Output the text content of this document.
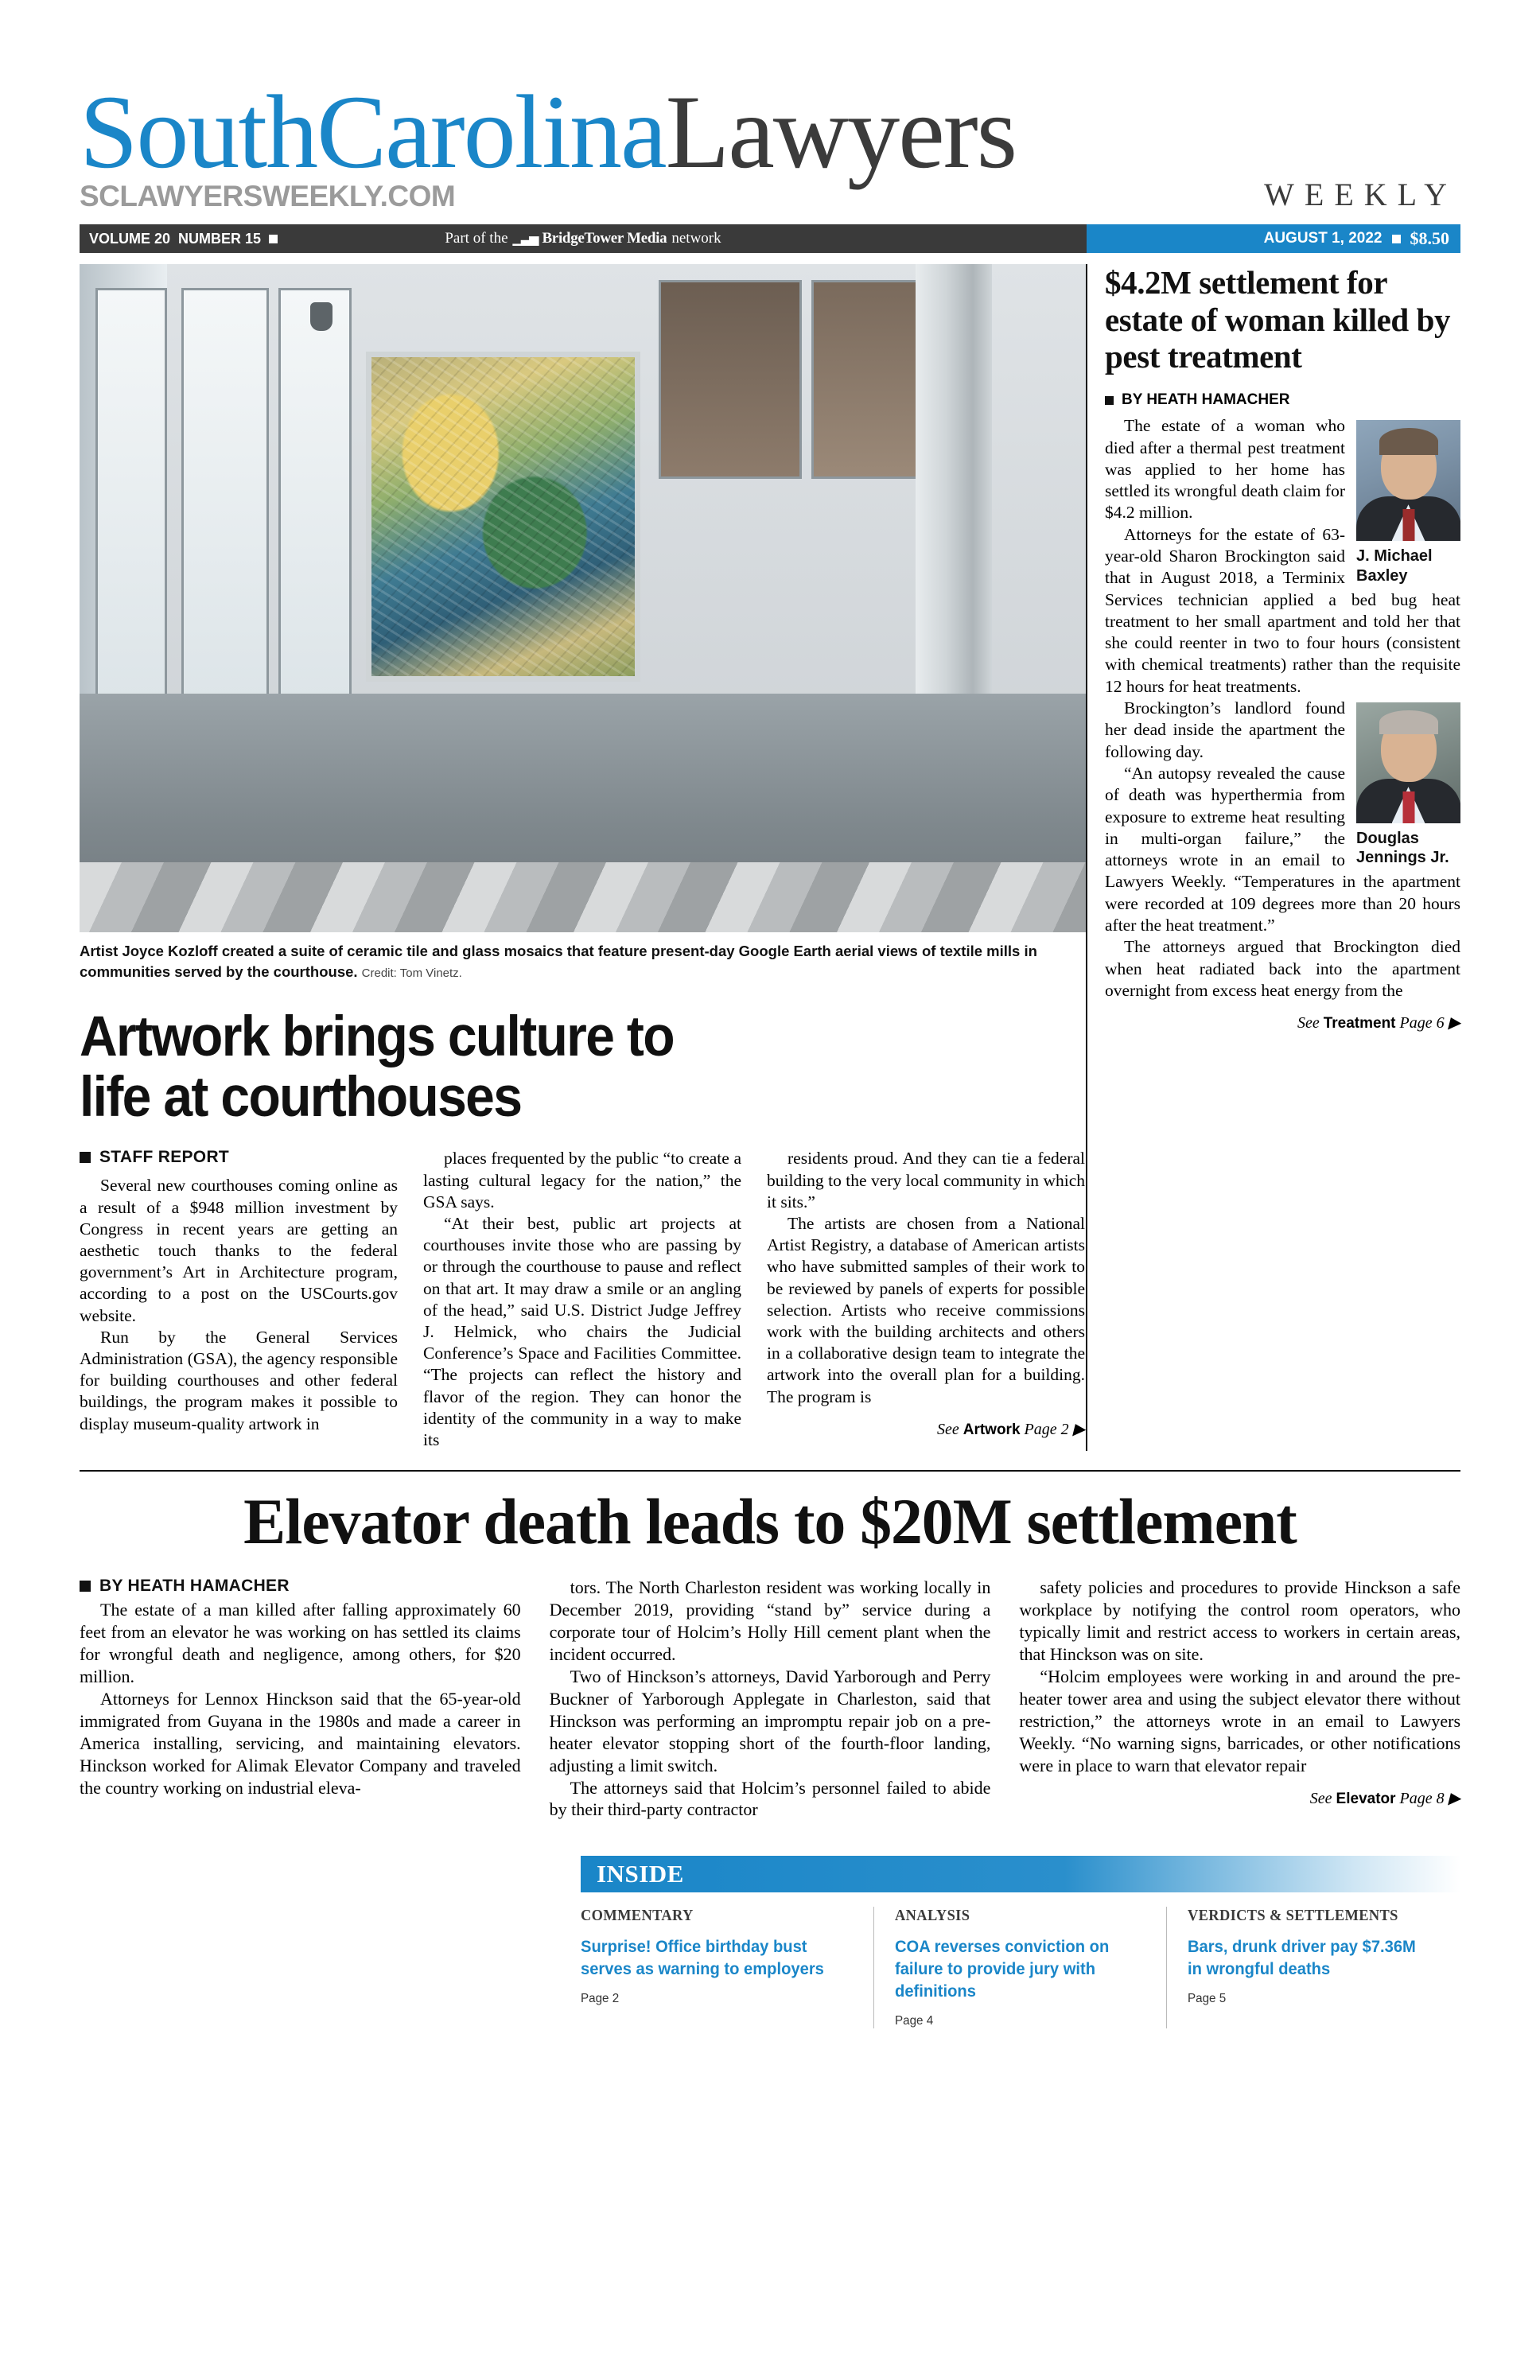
SouthCarolinaLawyers
SCLAWYERSWEEKLY.COM	WEEKLY
VOLUME 20 NUMBER 15	Part of the ▁▃▅ BridgeTower Media network	AUGUST 1, 2022 $8.50
Artist Joyce Kozloff created a suite of ceramic tile and glass mosaics that feature present-day Google Earth aerial views of textile mills in communities served by the courthouse. Credit: Tom Vinetz.
Artwork brings culture to
life at courthouses
STAFF REPORT

Several new courthouses coming online as a result of a $948 million investment by Congress in recent years are getting an aesthetic touch thanks to the federal government’s Art in Architecture program, according to a post on the USCourts.gov website.

Run by the General Services Administration (GSA), the agency responsible for building courthouses and other federal buildings, the program makes it possible to display museum-quality artwork in

places frequented by the public “to create a lasting cultural legacy for the nation,” the GSA says.

“At their best, public art projects at courthouses invite those who are passing by or through the courthouse to pause and reflect on that art. It may draw a smile or an angling of the head,” said U.S. District Judge Jeffrey J. Helmick, who chairs the Judicial Conference’s Space and Facilities Committee. “The projects can reflect the history and flavor of the region. They can honor the identity of the community in a way to make its

residents proud. And they can tie a federal building to the very local community in which it sits.”

The artists are chosen from a National Artist Registry, a database of American artists who have submitted samples of their work to be reviewed by panels of experts for possible selection. Artists who receive commissions work with the building architects and others in a collaborative design team to integrate the artwork into the overall plan for a building. The program is

See Artwork Page 2 ▶
$4.2M settlement for estate of woman killed by pest treatment
BY HEATH HAMACHER
J. Michael Baxley

The estate of a woman who died after a thermal pest treatment was applied to her home has settled its wrongful death claim for $4.2 million.

Attorneys for the estate of 63-year-old Sharon Brockington said that in August 2018, a Terminix Services technician applied a bed bug heat treatment to her small apartment and told her that she could reenter in two to four hours (consistent with chemical treatments) rather than the requisite 12 hours for heat treatments.

Douglas Jennings Jr.

Brockington’s landlord found her dead inside the apartment the following day.

“An autopsy revealed the cause of death was hyperthermia from exposure to extreme heat resulting in multi-organ failure,” the attorneys wrote in an email to Lawyers Weekly. “Temperatures in the apartment were recorded at 109 degrees more than 20 hours after the heat treatment.”

The attorneys argued that Brockington died when heat radiated back into the apartment overnight from excess heat energy from the

See Treatment Page 6 ▶
Elevator death leads to $20M settlement
BY HEATH HAMACHER

The estate of a man killed after falling approximately 60 feet from an elevator he was working on has settled its claims for wrongful death and negligence, among others, for $20 million.

Attorneys for Lennox Hinckson said that the 65-year-old immigrated from Guyana in the 1980s and made a career in America installing, servicing, and maintaining elevators. Hinckson worked for Alimak Elevator Company and traveled the country working on industrial eleva-

tors. The North Charleston resident was working locally in December 2019, providing “stand by” service during a corporate tour of Holcim’s Holly Hill cement plant when the incident occurred.

Two of Hinckson’s attorneys, David Yarborough and Perry Buckner of Yarborough Applegate in Charleston, said that Hinckson was performing an impromptu repair job on a pre-heater elevator stopping short of the fourth-floor landing, adjusting a limit switch.

The attorneys said that Holcim’s personnel failed to abide by their third-party contractor

safety policies and procedures to provide Hinckson a safe workplace by notifying the control room operators, who typically limit and restrict access to workers in certain areas, that Hinckson was on site.

“Holcim employees were working in and around the pre-heater tower area and using the subject elevator there without restriction,” the attorneys wrote in an email to Lawyers Weekly. “No warning signs, barricades, or other notifications were in place to warn that elevator repair

See Elevator Page 8 ▶
INSIDE
COMMENTARY
Surprise! Office birthday bust serves as warning to employers
Page 2
ANALYSIS
COA reverses conviction on failure to provide jury with definitions
Page 4
VERDICTS & SETTLEMENTS
Bars, drunk driver pay $7.36M in wrongful deaths
Page 5
